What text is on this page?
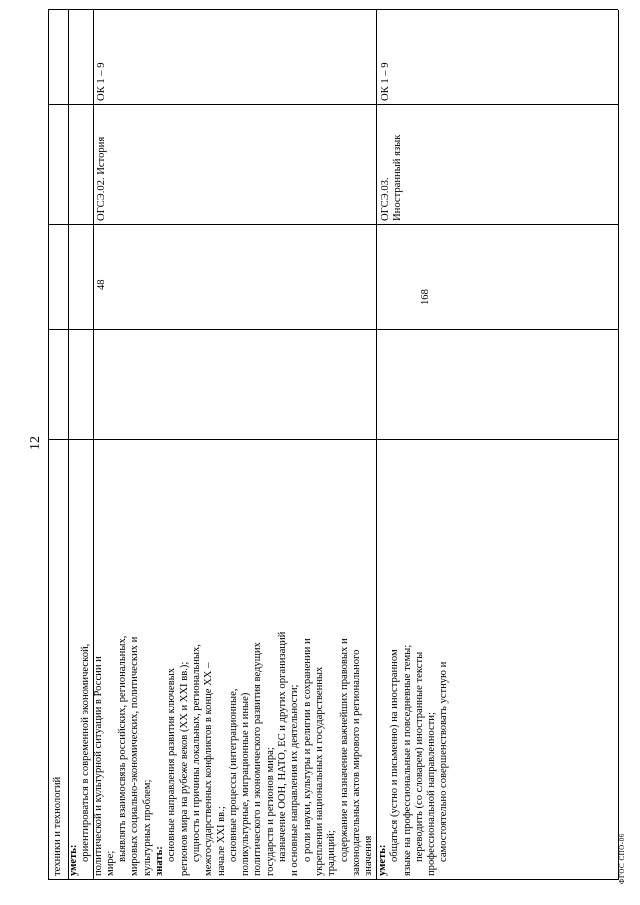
12
техники и технологий уметь: ориентироваться в современной экономической, политической и культурной ситуации в России и мире;
выявлять взаимосвязь российских, региональных, мировых социально-экономических, политических и культурных проблем; знать: основные направления развития ключевых регионов мира на рубеже веков (XX и XXI вв.); сущность и причины локальных, региональных, межгосударственных конфликтов в конце XX – начале XXI вв.; основные процессы (интеграционные, поликультурные, миграционные и иные) политического и экономического развития ведущих государств и регионов мира; назначение ООН, НАТО, ЕС и других организаций и основные направления их деятельности; о роли науки, культуры и религии в сохранении и укреплении национальных и государственных традиций; содержание и назначение важнейших правовых и законодательных актов мирового и регионального значения
48
ОГСЭ.02. История
ОК 1 – 9
уметь: общаться (устно и письменно) на иностранном языке на профессиональные и повседневные темы; переводить (со словарем) иностранные тексты профессиональной направленности; самостоятельно совершенствовать устную и
168
ОГСЭ.03. Иностранный язык
ОК 1 – 9
ФГОС СПО-06
